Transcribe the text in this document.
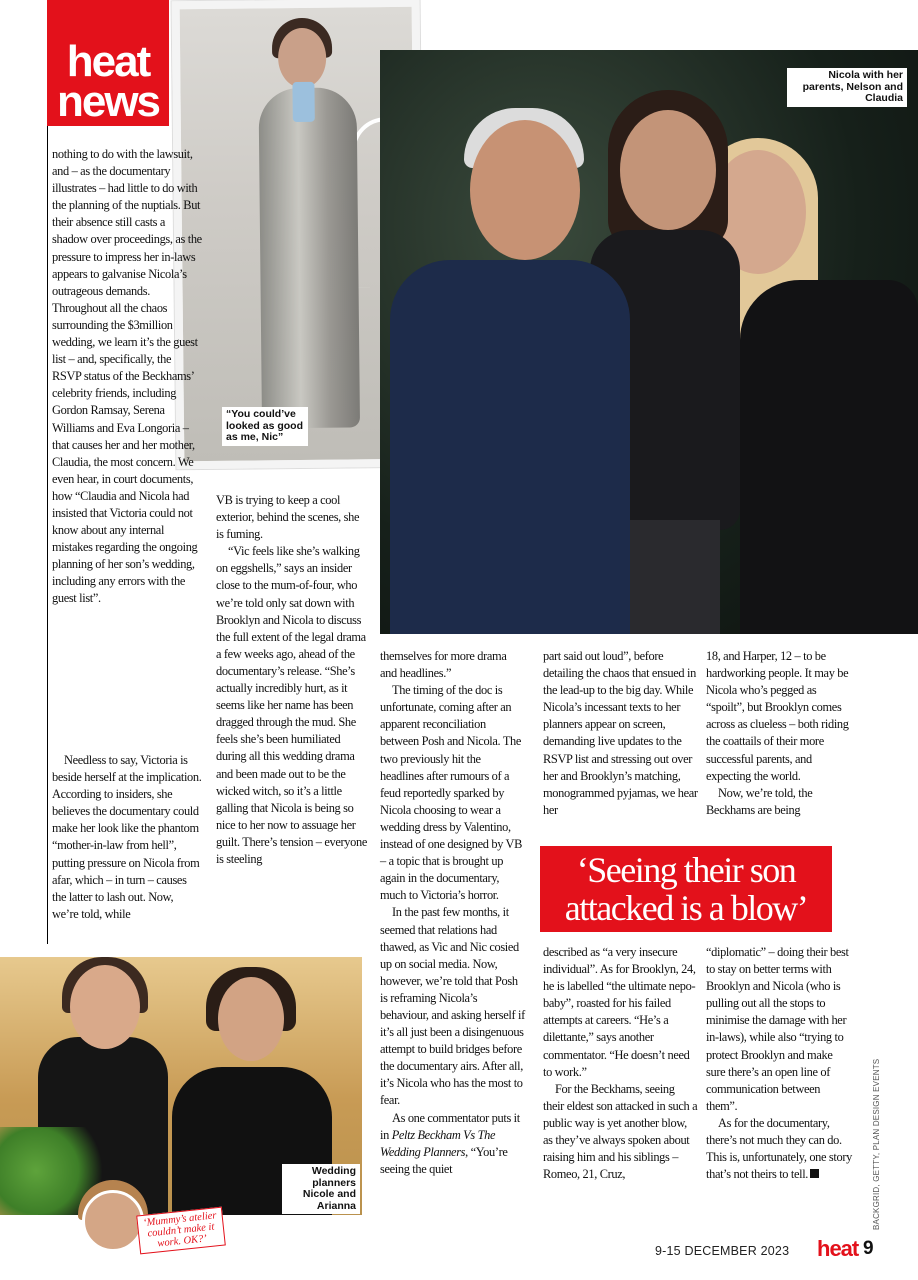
heat
news
“You could’ve looked as good as me, Nic”
Nicola with her parents, Nelson and Claudia

nothing to do with the lawsuit, and – as the documentary illustrates – had little to do with the planning of the nuptials. But their absence still casts a shadow over proceedings, as the pressure to impress her in-laws appears to galvanise Nicola’s outrageous demands. Throughout all the chaos surrounding the $3million wedding, we learn it’s the guest list – and, specifically, the RSVP status of the Beckhams’ celebrity friends, including Gordon Ramsay, Serena Williams and Eva Longoria – that causes her and her mother, Claudia, the most concern. We even hear, in court documents, how “Claudia and Nicola had insisted that Victoria could not know about any internal mistakes regarding the ongoing planning of her son’s wedding, including any errors with the guest list”.

Needless to say, Victoria is beside herself at the implication. According to insiders, she believes the documentary could make her look like the phantom “mother-in-law from hell”, putting pressure on Nicola from afar, which – in turn – causes the latter to lash out. Now, we’re told, while

VB is trying to keep a cool exterior, behind the scenes, she is fuming.

“Vic feels like she’s walking on eggshells,” says an insider close to the mum-of-four, who we’re told only sat down with Brooklyn and Nicola to discuss the full extent of the legal drama a few weeks ago, ahead of the documentary’s release. “She’s actually incredibly hurt, as it seems like her name has been dragged through the mud. She feels she’s been humiliated during all this wedding drama and been made out to be the wicked witch, so it’s a little galling that Nicola is being so nice to her now to assuage her guilt. There’s tension – everyone is steeling

themselves for more drama and headlines.”

The timing of the doc is unfortunate, coming after an apparent reconciliation between Posh and Nicola. The two previously hit the headlines after rumours of a feud reportedly sparked by Nicola choosing to wear a wedding dress by Valentino, instead of one designed by VB – a topic that is brought up again in the documentary, much to Victoria’s horror.

In the past few months, it seemed that relations had thawed, as Vic and Nic cosied up on social media. Now, however, we’re told that Posh is reframing Nicola’s behaviour, and asking herself if it’s all just been a disingenuous attempt to build bridges before the documentary airs. After all, it’s Nicola who has the most to fear.

As one commentator puts it in Peltz Beckham Vs The Wedding Planners, “You’re seeing the quiet

part said out loud”, before detailing the chaos that ensued in the lead-up to the big day. While Nicola’s incessant texts to her planners appear on screen, demanding live updates to the RSVP list and stressing out over her and Brooklyn’s matching, monogrammed pyjamas, we hear her

18, and Harper, 12 – to be hardworking people. It may be Nicola who’s pegged as “spoilt”, but Brooklyn comes across as clueless – both riding the coattails of their more successful parents, and expecting the world.

Now, we’re told, the Beckhams are being

‘Seeing their son attacked is a blow’

described as “a very insecure individual”. As for Brooklyn, 24, he is labelled “the ultimate nepo-baby”, roasted for his failed attempts at careers. “He’s a dilettante,” says another commentator. “He doesn’t need to work.”

For the Beckhams, seeing their eldest son attacked in such a public way is yet another blow, as they’ve always spoken about raising him and his siblings – Romeo, 21, Cruz,

“diplomatic” – doing their best to stay on better terms with Brooklyn and Nicola (who is pulling out all the stops to minimise the damage with her in-laws), while also “trying to protect Brooklyn and make sure there’s an open line of communication between them”.

As for the documentary, there’s not much they can do. This is, unfortunately, one story that’s not theirs to tell.

Wedding planners Nicole and Arianna
‘Mummy’s atelier couldn’t make it work. OK?’
BACKGRID, GETTY, PLAN DESIGN EVENTS
9-15 DECEMBER 2023 heat 9
